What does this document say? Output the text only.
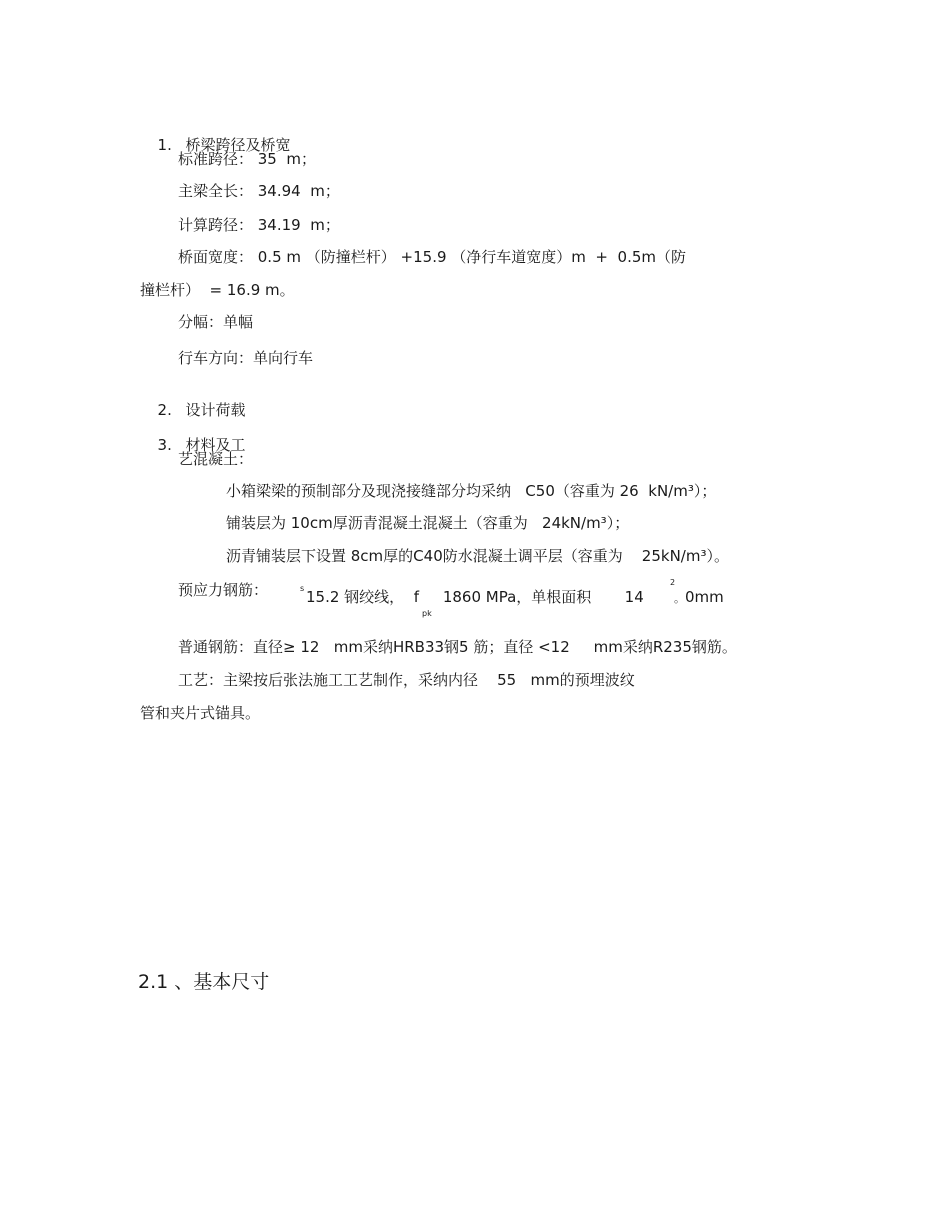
1. 桥梁跨径及桥宽

标准跨径： 35  m；
主梁全长： 34.94  m；
计算跨径： 34.19  m；
桥面宽度： 0.5 m （防撞栏杆） +15.9 （净行车道宽度）m  +  0.5m（防
撞栏杆）  = 16.9 m。
分幅：单幅
行车方向：单向行车

2. 设计荷载

3. 材料及工

艺混凝土：
小箱梁梁的预制部分及现浇接缝部分均采纳   C50（容重为 26  kN/m³）；
铺装层为 10cm厚沥青混凝土混凝土（容重为   24kN/m³）；
沥青铺装层下设置 8cm厚的C40防水混凝土调平层（容重为    25kN/m³）。
预应力钢筋：	s 15.2 钢绞线，  f     1860 MPa，单根面积       14
pk
2
。0mm
普通钢筋：直径≥ 12   mm采纳HRB33钢5 筋；直径 <12     mm采纳R235钢筋。
工艺：主梁按后张法施工工艺制作，采纳内径    55   mm的预埋波纹
管和夹片式锚具。
2.1 、基本尺寸
